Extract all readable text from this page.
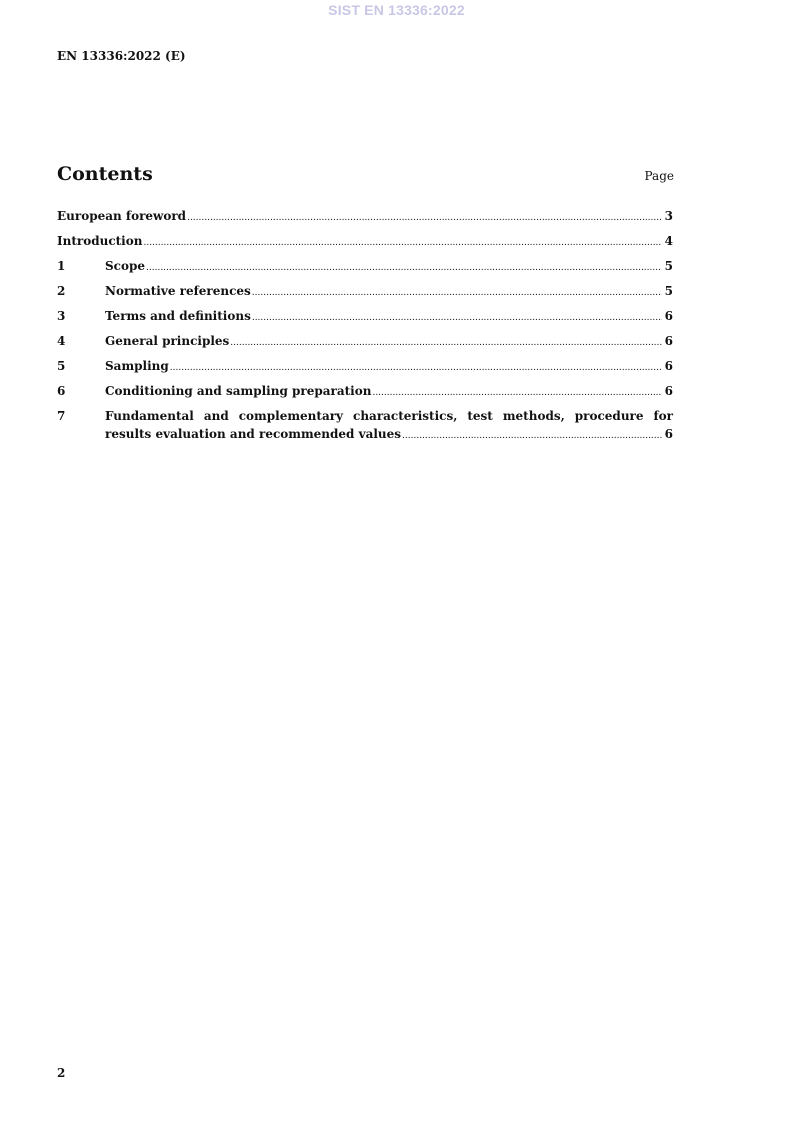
SIST EN 13336:2022
EN 13336:2022 (E)
Contents	Page
European foreword .....	3
Introduction .....	4
1	Scope .....	5
2	Normative references .....	5
3	Terms and definitions .....	6
4	General principles .....	6
5	Sampling .....	6
6	Conditioning and sampling preparation .....	6
7	Fundamental and complementary characteristics, test methods, procedure for
results evaluation and recommended values .....	6
2
